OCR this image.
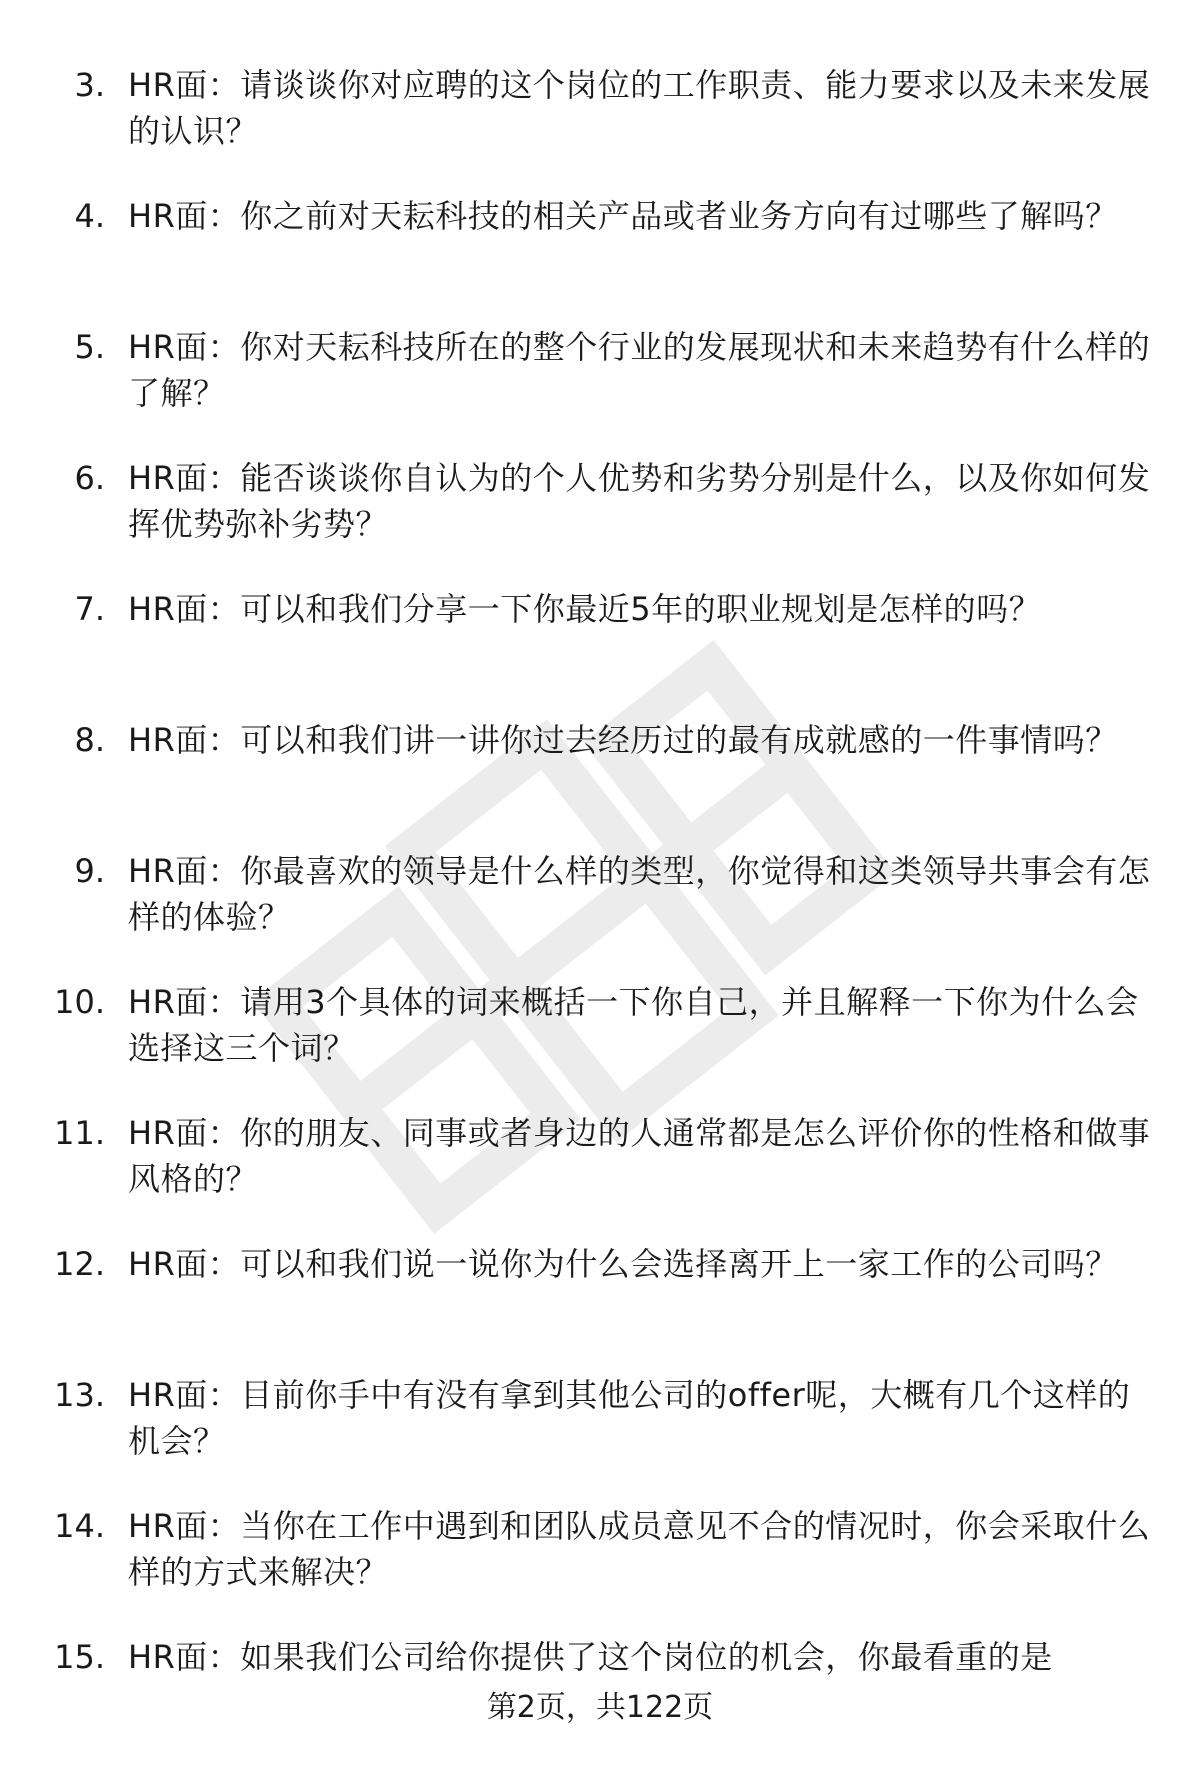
3. HR面：请谈谈你对应聘的这个岗位的工作职责、能力要求以及未来发展的认识？
4. HR面：你之前对天耘科技的相关产品或者业务方向有过哪些了解吗？
5. HR面：你对天耘科技所在的整个行业的发展现状和未来趋势有什么样的了解？
6. HR面：能否谈谈你自认为的个人优势和劣势分别是什么，以及你如何发挥优势弥补劣势？
7. HR面：可以和我们分享一下你最近5年的职业规划是怎样的吗？
8. HR面：可以和我们讲一讲你过去经历过的最有成就感的一件事情吗？
9. HR面：你最喜欢的领导是什么样的类型，你觉得和这类领导共事会有怎样的体验？
10. HR面：请用3个具体的词来概括一下你自己，并且解释一下你为什么会选择这三个词？
11. HR面：你的朋友、同事或者身边的人通常都是怎么评价你的性格和做事风格的？
12. HR面：可以和我们说一说你为什么会选择离开上一家工作的公司吗？
13. HR面：目前你手中有没有拿到其他公司的offer呢，大概有几个这样的机会？
14. HR面：当你在工作中遇到和团队成员意见不合的情况时，你会采取什么样的方式来解决？
15. HR面：如果我们公司给你提供了这个岗位的机会，你最看重的是
第2页，共122页
